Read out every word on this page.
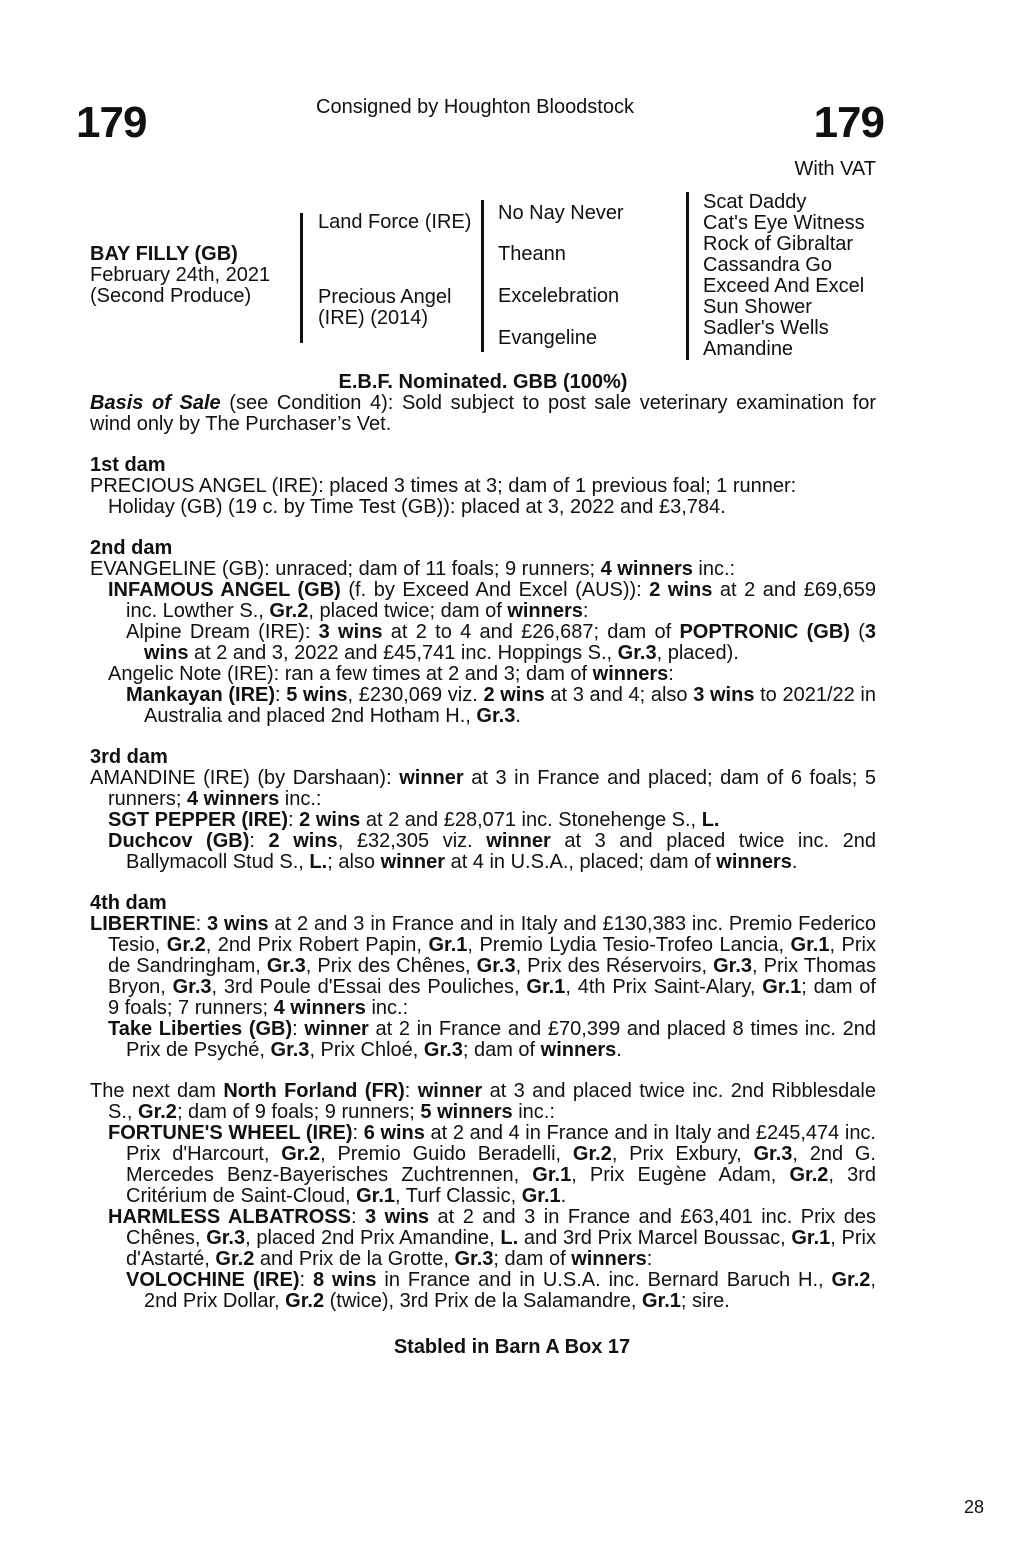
179	Consigned by Houghton Bloodstock	179
With VAT
BAY FILLY (GB)
February 24th, 2021
(Second Produce)
Land Force (IRE)
Precious Angel (IRE) (2014)
No Nay Never
Theann
Excelebration
Evangeline
Scat Daddy
Cat's Eye Witness
Rock of Gibraltar
Cassandra Go
Exceed And Excel
Sun Shower
Sadler's Wells
Amandine
E.B.F. Nominated. GBB (100%)

Basis of Sale (see Condition 4): Sold subject to post sale veterinary examination for wind only by The Purchaser’s Vet.

1st dam

PRECIOUS ANGEL (IRE): placed 3 times at 3; dam of 1 previous foal; 1 runner:

Holiday (GB) (19 c. by Time Test (GB)): placed at 3, 2022 and £3,784.

2nd dam

EVANGELINE (GB): unraced; dam of 11 foals; 9 runners; 4 winners inc.:

INFAMOUS ANGEL (GB) (f. by Exceed And Excel (AUS)): 2 wins at 2 and £69,659 inc. Lowther S., Gr.2, placed twice; dam of winners:

Alpine Dream (IRE): 3 wins at 2 to 4 and £26,687; dam of POPTRONIC (GB) (3 wins at 2 and 3, 2022 and £45,741 inc. Hoppings S., Gr.3, placed).

Angelic Note (IRE): ran a few times at 2 and 3; dam of winners:

Mankayan (IRE): 5 wins, £230,069 viz. 2 wins at 3 and 4; also 3 wins to 2021/22 in Australia and placed 2nd Hotham H., Gr.3.

3rd dam

AMANDINE (IRE) (by Darshaan): winner at 3 in France and placed; dam of 6 foals; 5 runners; 4 winners inc.:

SGT PEPPER (IRE): 2 wins at 2 and £28,071 inc. Stonehenge S., L.

Duchcov (GB): 2 wins, £32,305 viz. winner at 3 and placed twice inc. 2nd Ballymacoll Stud S., L.; also winner at 4 in U.S.A., placed; dam of winners.

4th dam

LIBERTINE: 3 wins at 2 and 3 in France and in Italy and £130,383 inc. Premio Federico Tesio, Gr.2, 2nd Prix Robert Papin, Gr.1, Premio Lydia Tesio-Trofeo Lancia, Gr.1, Prix de Sandringham, Gr.3, Prix des Chênes, Gr.3, Prix des Réservoirs, Gr.3, Prix Thomas Bryon, Gr.3, 3rd Poule d'Essai des Pouliches, Gr.1, 4th Prix Saint-Alary, Gr.1; dam of 9 foals; 7 runners; 4 winners inc.:

Take Liberties (GB): winner at 2 in France and £70,399 and placed 8 times inc. 2nd Prix de Psyché, Gr.3, Prix Chloé, Gr.3; dam of winners.

The next dam North Forland (FR): winner at 3 and placed twice inc. 2nd Ribblesdale S., Gr.2; dam of 9 foals; 9 runners; 5 winners inc.:

FORTUNE'S WHEEL (IRE): 6 wins at 2 and 4 in France and in Italy and £245,474 inc. Prix d'Harcourt, Gr.2, Premio Guido Beradelli, Gr.2, Prix Exbury, Gr.3, 2nd G. Mercedes Benz-Bayerisches Zuchtrennen, Gr.1, Prix Eugène Adam, Gr.2, 3rd Critérium de Saint-Cloud, Gr.1, Turf Classic, Gr.1.

HARMLESS ALBATROSS: 3 wins at 2 and 3 in France and £63,401 inc. Prix des Chênes, Gr.3, placed 2nd Prix Amandine, L. and 3rd Prix Marcel Boussac, Gr.1, Prix d'Astarté, Gr.2 and Prix de la Grotte, Gr.3; dam of winners:

VOLOCHINE (IRE): 8 wins in France and in U.S.A. inc. Bernard Baruch H., Gr.2, 2nd Prix Dollar, Gr.2 (twice), 3rd Prix de la Salamandre, Gr.1; sire.

Stabled in Barn A Box 17
28
